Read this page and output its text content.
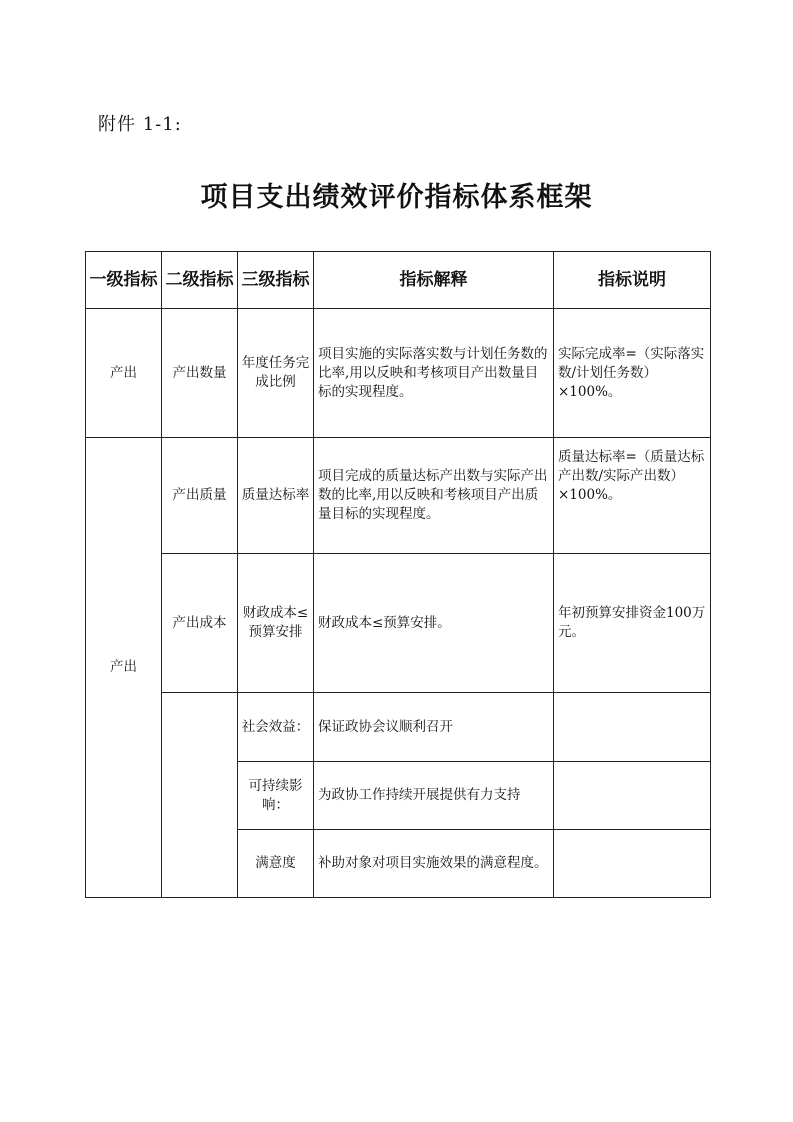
附件 1-1:
项目支出绩效评价指标体系框架
一级指标	二级指标	三级指标	指标解释	指标说明
产出	产出数量	年度任务完成比例	项目实施的实际落实数与计划任务数的比率,用以反映和考核项目产出数量目标的实现程度。	实际完成率=（实际落实数/计划任务数）×100%。
产出	产出质量	质量达标率	项目完成的质量达标产出数与实际产出数的比率,用以反映和考核项目产出质量目标的实现程度。	质量达标率=（质量达标产出数/实际产出数）×100%。
	产出成本	财政成本≤预算安排	财政成本≤预算安排。	年初预算安排资金100万元。
		社会效益：	保证政协会议顺利召开	
		可持续影响：	为政协工作持续开展提供有力支持	
		满意度	补助对象对项目实施效果的满意程度。	
